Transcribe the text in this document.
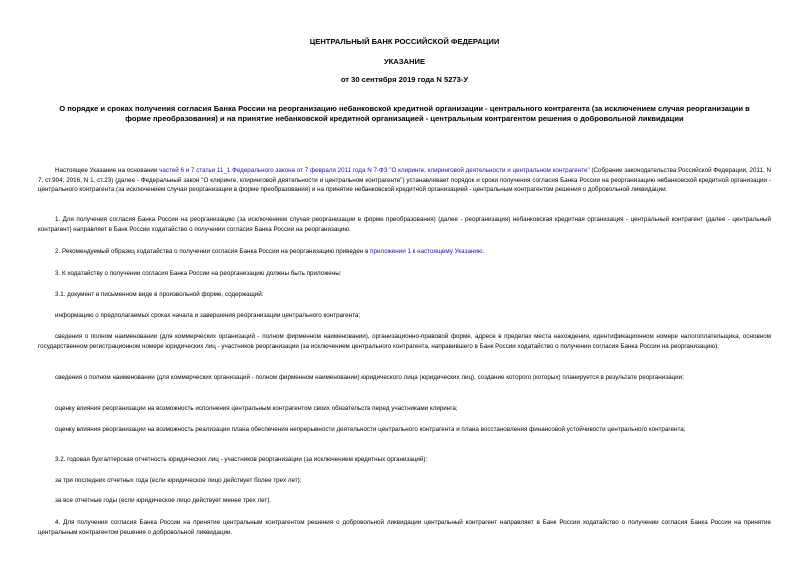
ЦЕНТРАЛЬНЫЙ БАНК РОССИЙСКОЙ ФЕДЕРАЦИИ
УКАЗАНИЕ
от 30 сентября 2019 года N 5273-У
О порядке и сроках получения согласия Банка России на реорганизацию небанковской кредитной организации - центрального контрагента (за исключением случая реорганизации в форме преобразования) и на принятие небанковской кредитной организацией - центральным контрагентом решения о добровольной ликвидации

Настоящее Указание на основании частей 6 и 7 статьи 11_1 Федерального закона от 7 февраля 2011 года N 7-ФЗ "О клиринге, клиринговой деятельности и центральном контрагенте" (Собрание законодательства Российской Федерации, 2011, N 7, ст.904; 2016, N 1, ст.23) (далее - Федеральный закон "О клиринге, клиринговой деятельности и центральном контрагенте") устанавливает порядок и сроки получения согласия Банка России на реорганизацию небанковской кредитной организации - центрального контрагента (за исключением случая реорганизации в форме преобразования) и на принятие небанковской кредитной организацией - центральным контрагентом решения о добровольной ликвидации.

1. Для получения согласия Банка России на реорганизацию (за исключением случая реорганизации в форме преобразования) (далее - реорганизация) небанковская кредитная организация - центральный контрагент (далее - центральный контрагент) направляет в Банк России ходатайство о получении согласия Банка России на реорганизацию.

2. Рекомендуемый образец ходатайства о получении согласия Банка России на реорганизацию приведен в приложении 1 к настоящему Указанию.

3. К ходатайству о получении согласия Банка России на реорганизацию должны быть приложены:

3.1. документ в письменном виде в произвольной форме, содержащий:

информацию о предполагаемых сроках начала и завершения реорганизации центрального контрагента;

сведения о полном наименовании (для коммерческих организаций - полном фирменном наименовании), организационно-правовой форме, адресе в пределах места нахождения, идентификационном номере налогоплательщика, основном государственном регистрационном номере юридических лиц - участников реорганизации (за исключением центрального контрагента, направившего в Банк России ходатайство о получении согласия Банка России на реорганизацию);

сведения о полном наименовании (для коммерческих организаций - полном фирменном наименовании) юридического лица (юридических лиц), создание которого (которых) планируется в результате реорганизации;

оценку влияния реорганизации на возможность исполнения центральным контрагентом своих обязательств перед участниками клиринга;

оценку влияния реорганизации на возможность реализации плана обеспечения непрерывности деятельности центрального контрагента и плана восстановления финансовой устойчивости центрального контрагента;

3.2. годовая бухгалтерская отчетность юридических лиц - участников реорганизации (за исключением кредитных организаций):

за три последних отчетных года (если юридическое лицо действует более трех лет);

за все отчетные годы (если юридическое лицо действует менее трех лет).

4. Для получения согласия Банка России на принятие центральным контрагентом решения о добровольной ликвидации центральный контрагент направляет в Банк России ходатайство о получении согласия Банка России на принятие центральным контрагентом решения о добровольной ликвидации.
